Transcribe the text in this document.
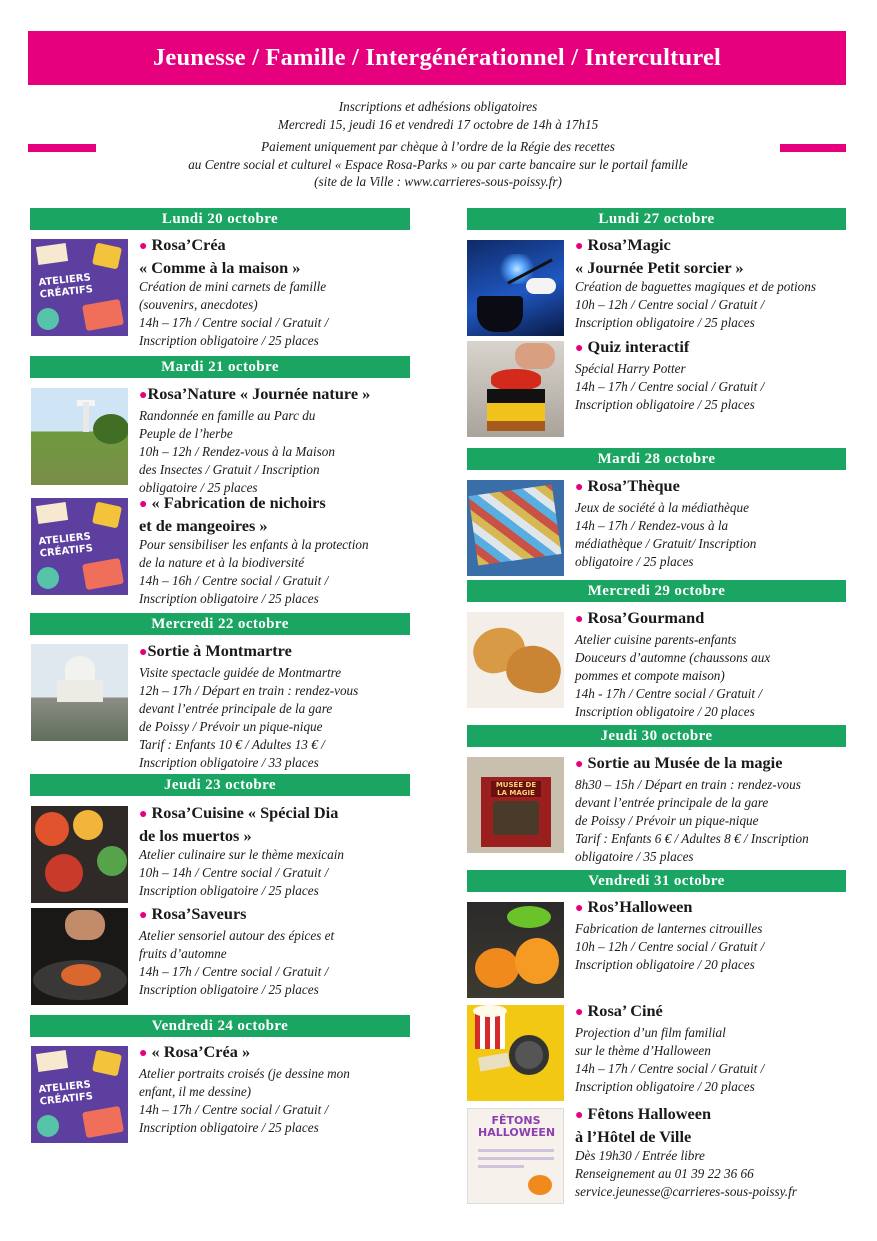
Jeunesse / Famille / Intergénérationnel / Interculturel
Inscriptions et adhésions obligatoires
Mercredi 15, jeudi 16 et vendredi 17 octobre de 14h à 17h15
Paiement uniquement par chèque à l’ordre de la Régie des recettes
au Centre social et culturel « Espace Rosa-Parks » ou par carte bancaire sur le portail famille
(site de la Ville : www.carrieres-sous-poissy.fr)
Lundi 20 octobre
ATELIERS CRÉATIFS
● Rosa’Créa
« Comme à la maison »
Création de mini carnets de famille
(souvenirs, anecdotes)
14h – 17h / Centre social / Gratuit /
Inscription obligatoire / 25 places
Mardi 21 octobre
●Rosa’Nature « Journée nature »
Randonnée en famille au Parc du
Peuple de l’herbe
10h – 12h / Rendez-vous à la Maison
des Insectes / Gratuit / Inscription
obligatoire / 25 places
ATELIERS CRÉATIFS
● « Fabrication de nichoirs
et de mangeoires »
Pour sensibiliser les enfants à la protection
de la nature et à la biodiversité
14h – 16h / Centre social / Gratuit /
Inscription obligatoire / 25 places
Mercredi 22 octobre
●Sortie à Montmartre
Visite spectacle guidée de Montmartre
12h – 17h / Départ en train : rendez-vous
devant l’entrée principale de la gare
de Poissy / Prévoir un pique-nique
Tarif : Enfants 10 € / Adultes 13 € /
Inscription obligatoire / 33 places
Jeudi 23 octobre
● Rosa’Cuisine « Spécial Dia
de los muertos »
Atelier culinaire sur le thème mexicain
10h – 14h / Centre social / Gratuit /
Inscription obligatoire / 25 places
● Rosa’Saveurs
Atelier sensoriel autour des épices et
fruits d’automne
14h – 17h / Centre social / Gratuit /
Inscription obligatoire / 25 places
Vendredi 24 octobre
ATELIERS CRÉATIFS
● « Rosa’Créa »
Atelier portraits croisés (je dessine mon
enfant, il me dessine)
14h – 17h / Centre social / Gratuit /
Inscription obligatoire / 25 places
Lundi 27 octobre
● Rosa’Magic
« Journée Petit sorcier »
Création de baguettes magiques et de potions
10h – 12h / Centre social / Gratuit /
Inscription obligatoire / 25 places
● Quiz interactif
Spécial Harry Potter
14h – 17h / Centre social / Gratuit /
Inscription obligatoire / 25 places
Mardi 28 octobre
● Rosa’Thèque
Jeux de société à la médiathèque
14h – 17h / Rendez-vous à la
médiathèque / Gratuit/ Inscription
obligatoire / 25 places
Mercredi 29 octobre
● Rosa’Gourmand
Atelier cuisine parents-enfants
Douceurs d’automne (chaussons aux
pommes et compote maison)
14h - 17h / Centre social / Gratuit /
Inscription obligatoire / 20 places
Jeudi 30 octobre
MUSÉE DE LA MAGIE
● Sortie au Musée de la magie
8h30 – 15h / Départ en train : rendez-vous
devant l’entrée principale de la gare
de Poissy / Prévoir un pique-nique
Tarif : Enfants 6 € / Adultes 8 € / Inscription
obligatoire / 35 places
Vendredi 31 octobre
● Ros’Halloween
Fabrication de lanternes citrouilles
10h – 12h / Centre social / Gratuit /
Inscription obligatoire / 20 places
● Rosa’ Ciné
Projection d’un film familial
sur le thème d’Halloween
14h – 17h / Centre social / Gratuit /
Inscription obligatoire / 20 places
FÊTONS HALLOWEEN
● Fêtons Halloween
à l’Hôtel de Ville
Dès 19h30 / Entrée libre
Renseignement au 01 39 22 36 66
service.jeunesse@carrieres-sous-poissy.fr
